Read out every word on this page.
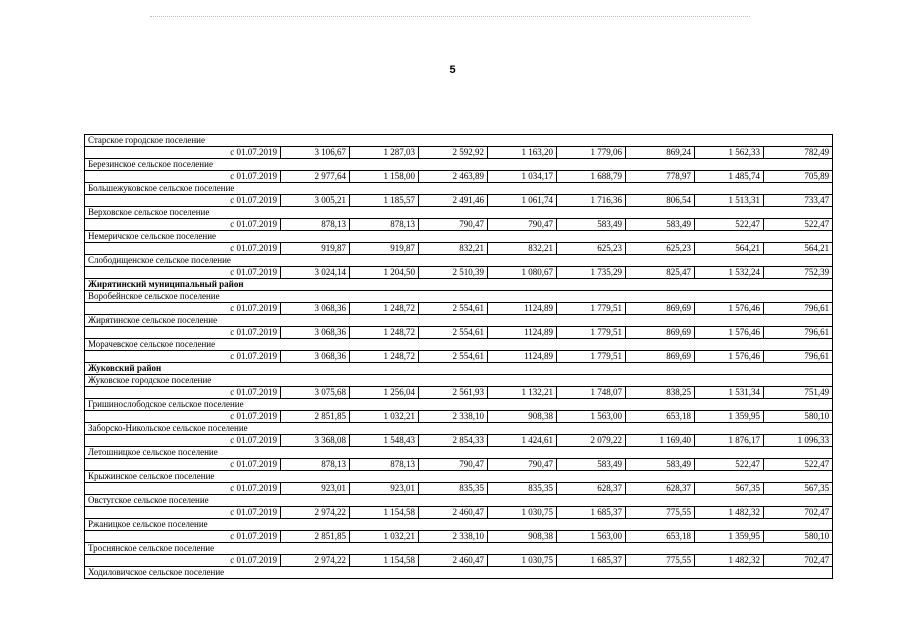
5
Старское городское поселение								
с 01.07.2019	3 106,67	1 287,03	2 592,92	1 163,20	1 779,06	869,24	1 562,33	782,49
Березинское сельское поселение								
с 01.07.2019	2 977,64	1 158,00	2 463,89	1 034,17	1 688,79	778,97	1 485,74	705,89
Большежуковское сельское поселение								
с 01.07.2019	3 005,21	1 185,57	2 491,46	1 061,74	1 716,36	806,54	1 513,31	733,47
Верховское сельское поселение								
с 01.07.2019	878,13	878,13	790,47	790,47	583,49	583,49	522,47	522,47
Немеричское сельское поселение								
с 01.07.2019	919,87	919,87	832,21	832,21	625,23	625,23	564,21	564,21
Слободищенское сельское поселение								
с 01.07.2019	3 024,14	1 204,50	2 510,39	1 080,67	1 735,29	825,47	1 532,24	752,39
Жирятинский муниципальный район								
Воробейнское сельское поселение								
с 01.07.2019	3 068,36	1 248,72	2 554,61	1124,89	1 779,51	869,69	1 576,46	796,61
Жирятинское сельское поселение								
с 01.07.2019	3 068,36	1 248,72	2 554,61	1124,89	1 779,51	869,69	1 576,46	796,61
Морачевское сельское поселение								
с 01.07.2019	3 068,36	1 248,72	2 554,61	1124,89	1 779,51	869,69	1 576,46	796,61
Жуковский район								
Жуковское городское поселение								
с 01.07.2019	3 075,68	1 256,04	2 561,93	1 132,21	1 748,07	838,25	1 531,34	751,49
Гришинослободское сельское поселение								
с 01.07.2019	2 851,85	1 032,21	2 338,10	908,38	1 563,00	653,18	1 359,95	580,10
Заборско-Никольское сельское поселение								
с 01.07.2019	3 368,08	1 548,43	2 854,33	1 424,61	2 079,22	1 169,40	1 876,17	1 096,33
Летошницкое сельское поселение								
с 01.07.2019	878,13	878,13	790,47	790,47	583,49	583,49	522,47	522,47
Крыжинское сельское поселение								
с 01.07.2019	923,01	923,01	835,35	835,35	628,37	628,37	567,35	567,35
Овстугское сельское поселение								
с 01.07.2019	2 974,22	1 154,58	2 460,47	1 030,75	1 685,37	775,55	1 482,32	702,47
Ржаницкое сельское поселение								
с 01.07.2019	2 851,85	1 032,21	2 338,10	908,38	1 563,00	653,18	1 359,95	580,10
Троснянское сельское поселение								
с 01.07.2019	2 974,22	1 154,58	2 460,47	1 030,75	1 685,37	775,55	1 482,32	702,47
Ходиловичское сельское поселение								
